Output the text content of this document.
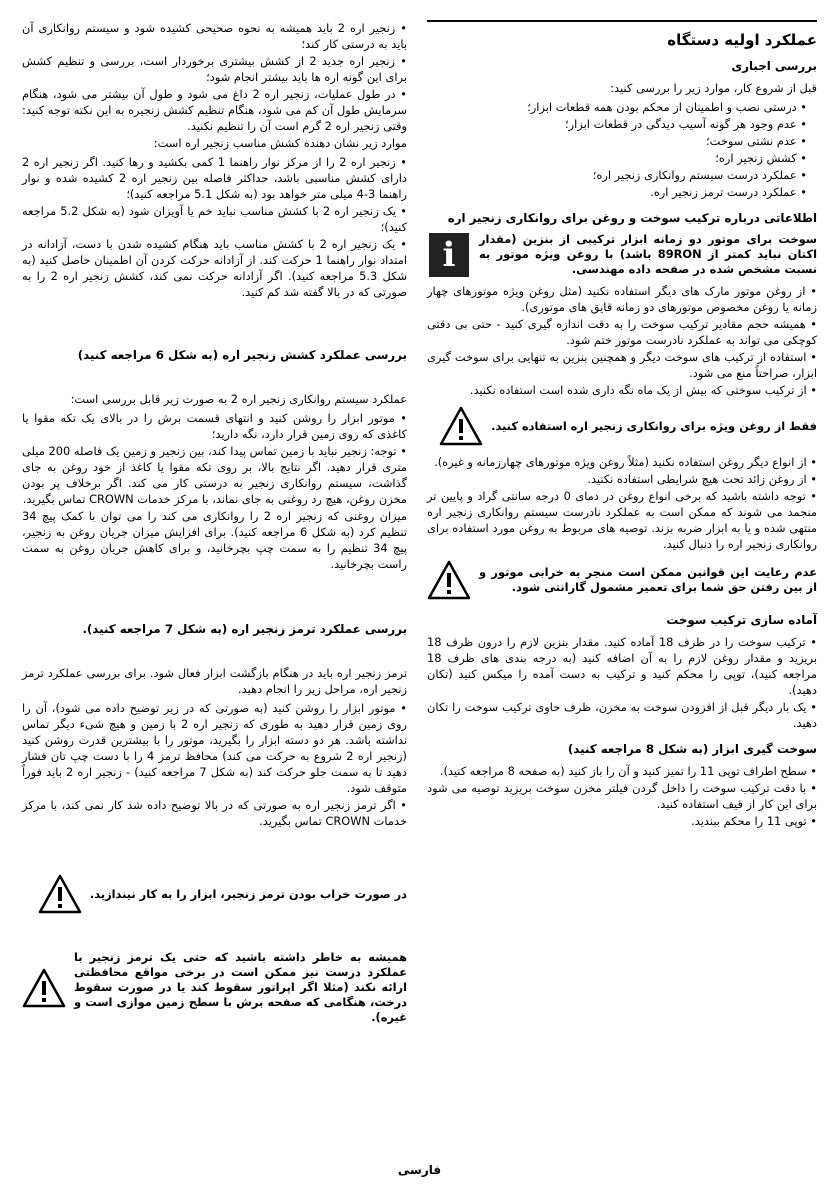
عملکرد اولیه دستگاه
بررسی اجباری

قبل از شروع کار، موارد زیر را بررسی کنید:

• درستی نصب و اطمینان از محکم بودن همه قطعات ابزار؛
• عدم وجود هر گونه آسیب دیدگی در قطعات ابزار؛
• عدم نشتی سوخت؛
• کشش زنجیر اره؛
• عملکرد درست سیستم روانکاری زنجیر اره؛
• عملکرد درست ترمز زنجیر اره.
اطلاعاتی درباره ترکیب سوخت و روغن برای روانکاری زنجیر اره
سوخت برای موتور دو زمانه ابزار ترکیبی از بنزین (مقدار اکتان نباید کمتر از 89RON باشد) با روغن ویژه موتور به نسبت مشخص شده در صفحه داده مهندسی.
i
• از روغن موتور مارک های دیگر استفاده نکنید (مثل روغن ویژه موتورهای چهار زمانه یا روغن مخصوص موتورهای دو زمانه قایق های موتوری).
• همیشه حجم مقادیر ترکیب سوخت را به دقت اندازه گیری کنید - حتی بی دقتی کوچکی می تواند به عملکرد نادرست موتور ختم شود.
• استفاده از ترکیب های سوخت دیگر و همچنین بنزین به تنهایی برای سوخت گیری ابزار، صراحتاً منع می شود.
• از ترکیب سوختی که بیش از یک ماه نگه داری شده است استفاده نکنید.
فقط از روغن ویژه برای روانکاری زنجیر اره استفاده کنید.
• از انواع دیگر روغن استفاده نکنید (مثلاً روغن ویژه موتورهای چهارزمانه و غیره).
• از روغن زائد تحت هیچ شرایطی استفاده نکنید.
• توجه داشته باشید که برخی انواع روغن در دمای 0 درجه سانتی گراد و پایین تر منجمد می شوند که ممکن است به عملکرد نادرست سیستم روانکاری زنجیر اره منتهی شده و یا به ابزار ضربه بزند. توصیه های مربوط به روغن مورد استفاده برای روانکاری زنجیر اره را دنبال کنید.
عدم رعایت این قوانین ممکن است منجر به خرابی موتور و از بین رفتن حق شما برای تعمیر مشمول گارانتی شود.
آماده سازی ترکیب سوخت
• ترکیب سوخت را در ظرف 18 آماده کنید. مقدار بنزین لازم را درون ظرف 18 بریزید و مقدار روغن لازم را به آن اضافه کنید (به درجه بندی های ظرف 18 مراجعه کنید)، توپی را محکم کنید و ترکیب به دست آمده را میکس کنید (تکان دهید).
• یک بار دیگر قبل از افزودن سوخت به مخزن، ظرف حاوی ترکیب سوخت را تکان دهید.
سوخت گیری ابزار (به شکل 8 مراجعه کنید)
• سطح اطراف توپی 11 را تمیز کنید و آن را باز کنید (به صفحه 8 مراجعه کنید).
• با دقت ترکیب سوخت را داخل گردن فیلتر مخزن سوخت بریزید توصیه می شود برای این کار از قیف استفاده کنید.
• توپی 11 را محکم ببندید.
• زنجیر اره 2 باید همیشه به نحوه صحیحی کشیده شود و سیستم روانکاری آن باید به درستی کار کند؛
• زنجیر اره جدید 2 از کشش بیشتری برخوردار است، بررسی و تنظیم کشش برای این گونه اره ها باید بیشتر انجام شود؛
• در طول عملیات، زنجیر اره 2 داغ می شود و طول آن بیشتر می شود، هنگام سرمایش طول آن کم می شود، هنگام تنظیم کشش زنجیره به این نکته توجه کنید: وقتی زنجیر اره 2 گرم است آن را تنظیم نکنید.

موارد زیر نشان دهنده کشش مناسب زنجیر اره است:

• زنجیر اره 2 را از مرکز نوار راهنما 1 کمی بکشید و رها کنید. اگر زنجیر اره 2 دارای کشش مناسبی باشد، حداکثر فاصله بین زنجیر اره 2 کشیده شده و نوار راهنما 3-4 میلی متر خواهد بود (به شکل 5.1 مراجعه کنید)؛
• یک زنجیر اره 2 با کشش مناسب نباید خم یا آویزان شود (به شکل 5.2 مراجعه کنید)؛
• یک زنجیر اره 2 با کشش مناسب باید هنگام کشیده شدن با دست، آزادانه در امتداد نوار راهنما 1 حرکت کند. از آزادانه حرکت کردن آن اطمینان حاصل کنید (به شکل 5.3 مراجعه کنید). اگر آزادانه حرکت نمی کند، کشش زنجیر اره 2 را به صورتی که در بالا گفته شد کم کنید.
بررسی عملکرد کشش زنجیر اره (به شکل 6 مراجعه کنید)

عملکرد سیستم روانکاری زنجیر اره 2 به صورت زیر قابل بررسی است:

• موتور ابزار را روشن کنید و انتهای قسمت برش را در بالای یک تکه مقوا یا کاغذی که روی زمین قرار دارد، نگه دارید؛
• توجه: زنجیر نباید با زمین تماس پیدا کند، بین زنجیر و زمین یک فاصله 200 میلی متری قرار دهید. اگر نتایج بالا، بر روی تکه مقوا یا کاغذ از خود روغن به جای گذاشت، سیستم روانکاری زنجیر به درستی کار می کند. اگر برخلاف پر بودن مخزن روغن، هیچ رد روغنی به جای نماند، با مرکز خدمات CROWN تماس بگیرید.

میزان روغنی که زنجیر اره 2 را روانکاری می کند را می توان با کمک پیچ 34 تنظیم کرد (به شکل 6 مراجعه کنید). برای افزایش میزان جریان روغن به زنجیر، پیچ 34 تنظیم را به سمت چپ بچرخانید، و برای کاهش جریان روغن به سمت راست بچرخانید.

بررسی عملکرد ترمز زنجیر اره (به شکل 7 مراجعه کنید).

ترمز زنجیر اره باید در هنگام بازگشت ابزار فعال شود. برای بررسی عملکرد ترمز زنجیر اره، مراحل زیر را انجام دهید.

• موتور ابزار را روشن کنید (به صورتی که در زیر توضیح داده می شود)، آن را روی زمین قرار دهید به طوری که زنجیر اره 2 با زمین و هیچ شیء دیگر تماس نداشته باشد. هر دو دسته ابزار را بگیرید، موتور را با بیشترین قدرت روشن کنید (زنجیر اره 2 شروع به حرکت می کند) محافظ ترمز 4 را با دست چپ تان فشار دهید تا به سمت جلو حرکت کند (به شکل 7 مراجعه کنید) - زنجیر اره 2 باید فوراً متوقف شود.
• اگر ترمز زنجیر اره به صورتی که در بالا توضیح داده شد کار نمی کند، با مرکز خدمات CROWN تماس بگیرید.
در صورت خراب بودن ترمز زنجیر، ابزار را به کار نیندازید.
همیشه به خاطر داشته باشید که حتی یک ترمز زنجیر با عملکرد درست نیز ممکن است در برخی مواقع محافظتی ارائه نکند (مثلا اگر اپراتور سقوط کند یا در صورت سقوط درخت، هنگامی که صفحه برش با سطح زمین موازی است و غیره).
فارسی
